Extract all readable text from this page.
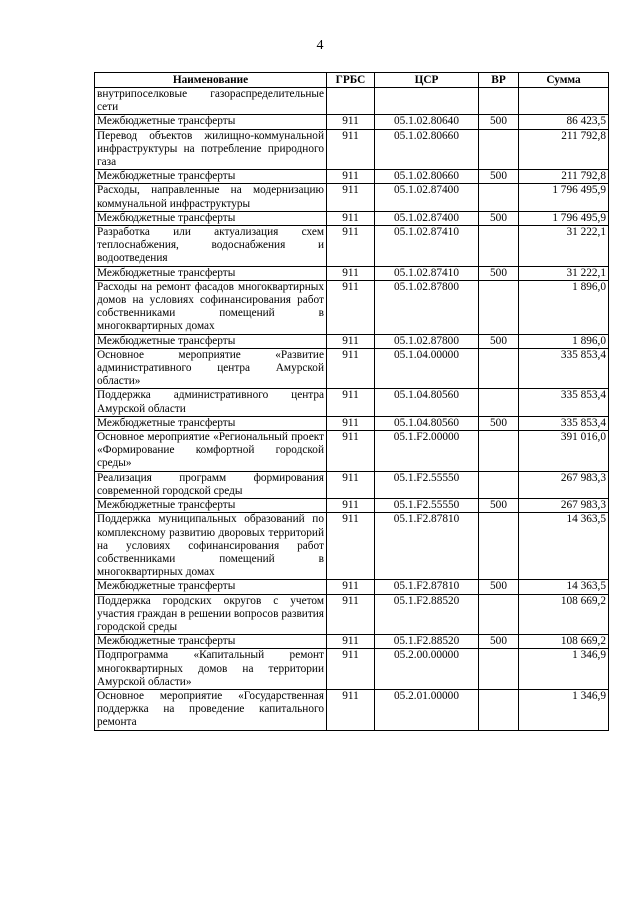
4
Наименование	ГРБС	ЦСР	ВР	Сумма
внутрипоселковые газораспределительные сети				
Межбюджетные трансферты	911	05.1.02.80640	500	86 423,5
Перевод объектов жилищно-коммунальной инфраструктуры на потребление природного газа	911	05.1.02.80660		211 792,8
Межбюджетные трансферты	911	05.1.02.80660	500	211 792,8
Расходы, направленные на модернизацию коммунальной инфраструктуры	911	05.1.02.87400		1 796 495,9
Межбюджетные трансферты	911	05.1.02.87400	500	1 796 495,9
Разработка или актуализация схем теплоснабжения, водоснабжения и водоотведения	911	05.1.02.87410		31 222,1
Межбюджетные трансферты	911	05.1.02.87410	500	31 222,1
Расходы на ремонт фасадов многоквартирных домов на условиях софинансирования работ собственниками помещений в многоквартирных домах	911	05.1.02.87800		1 896,0
Межбюджетные трансферты	911	05.1.02.87800	500	1 896,0
Основное мероприятие «Развитие административного центра Амурской области»	911	05.1.04.00000		335 853,4
Поддержка административного центра Амурской области	911	05.1.04.80560		335 853,4
Межбюджетные трансферты	911	05.1.04.80560	500	335 853,4
Основное мероприятие «Региональный проект «Формирование комфортной городской среды»	911	05.1.F2.00000		391 016,0
Реализация программ формирования современной городской среды	911	05.1.F2.55550		267 983,3
Межбюджетные трансферты	911	05.1.F2.55550	500	267 983,3
Поддержка муниципальных образований по комплексному развитию дворовых территорий на условиях софинансирования работ собственниками помещений в многоквартирных домах	911	05.1.F2.87810		14 363,5
Межбюджетные трансферты	911	05.1.F2.87810	500	14 363,5
Поддержка городских округов с учетом участия граждан в решении вопросов развития городской среды	911	05.1.F2.88520		108 669,2
Межбюджетные трансферты	911	05.1.F2.88520	500	108 669,2
Подпрограмма «Капитальный ремонт многоквартирных домов на территории Амурской области»	911	05.2.00.00000		1 346,9
Основное мероприятие «Государственная поддержка на проведение капитального ремонта	911	05.2.01.00000		1 346,9
